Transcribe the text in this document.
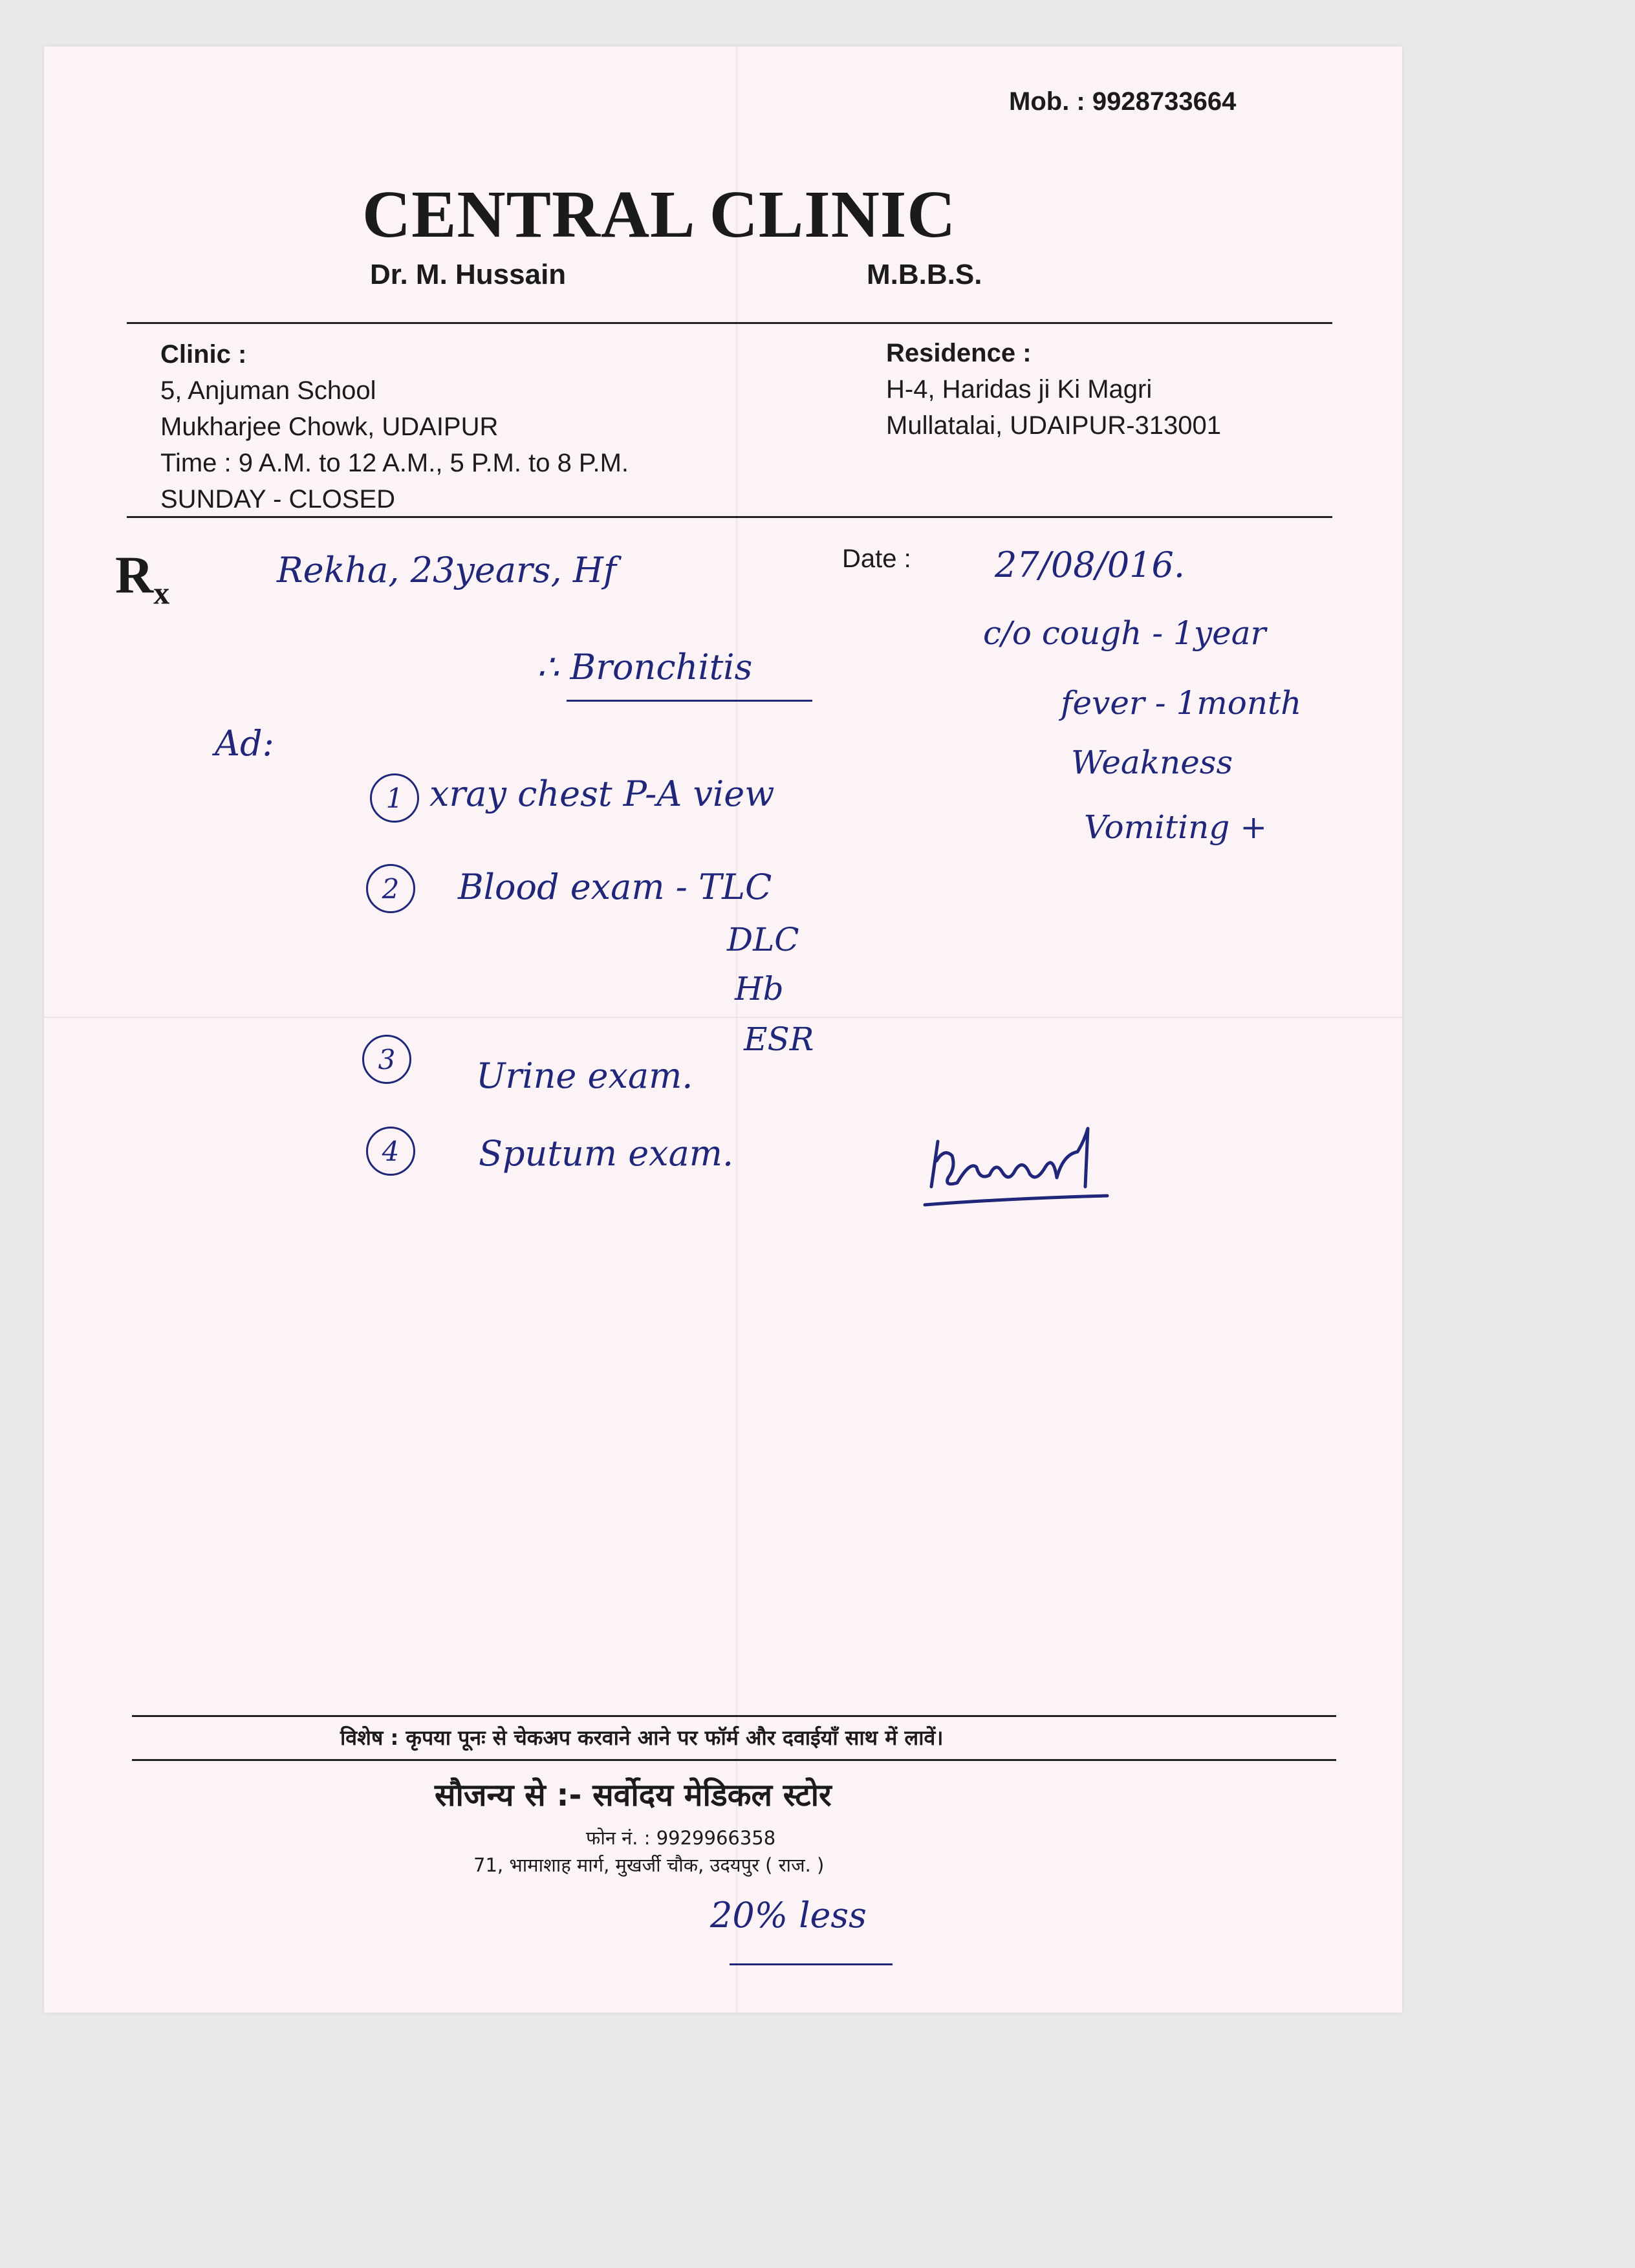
Mob. : 9928733664
CENTRAL CLINIC
Dr. M. Hussain	M.B.B.S.
Clinic :
5, Anjuman School
Mukharjee Chowk, UDAIPUR
Time : 9 A.M. to 12 A.M., 5 P.M. to 8 P.M.
SUNDAY - CLOSED
Residence :
H-4, Haridas ji Ki Magri
Mullatalai, UDAIPUR-313001
$R_x$
Rekha, 23years, Hf	Date : 27/08/016.
∴ Bronchitis
c/o cough - 1year
fever - 1month
Weakness
Vomiting +
Ad:
1 xray chest P-A view
2	Blood exam - TLC
DLC
Hb
ESR
3	Urine exam.
4	Sputum exam.
विशेष : कृपया पूनः से चेकअप करवाने आने पर फॉर्म और दवाईयाँ साथ में लावें।
सौजन्य से :- सर्वोदय मेडिकल स्टोर
फोन नं. : 9929966358
71, भामाशाह मार्ग, मुखर्जी चौक, उदयपुर ( राज. )
20% less
